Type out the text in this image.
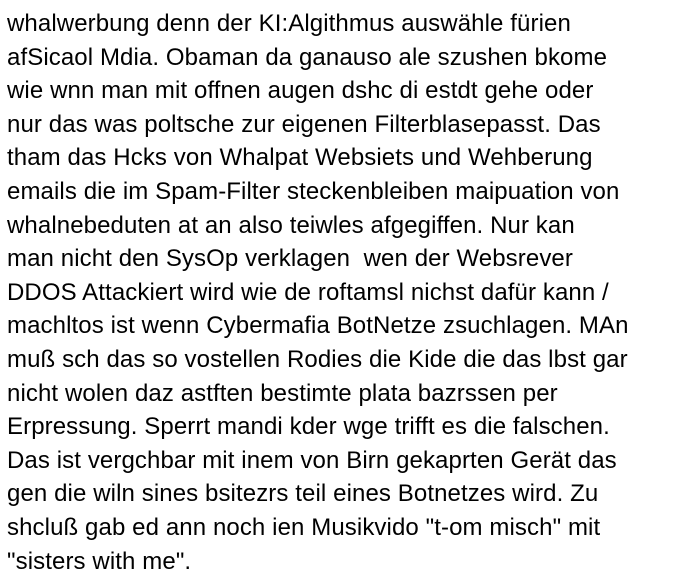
whalwerbung denn der KI:Algithmus auswähle fürien
afSicaol Mdia. Obaman da ganauso ale szushen bkome
wie wnn man mit offnen augen dshc di estdt gehe oder
nur das was poltsche zur eigenen Filterblasepasst. Das
tham das Hcks von Whalpat Websiets und Wehberung
emails die im Spam-Filter steckenbleiben maipuation von
whalnebeduten at an also teiwles afgegiffen. Nur kan
man nicht den SysOp verklagen  wen der Websrever
DDOS Attackiert wird wie de roftamsl nichst dafür kann /
machltos ist wenn Cybermafia BotNetze zsuchlagen. MAn
muß sch das so vostellen Rodies die Kide die das lbst gar
nicht wolen daz astften bestimte plata bazrssen per
Erpressung. Sperrt mandi kder wge trifft es die falschen.
Das ist vergchbar mit inem von Birn gekaprten Gerät das
gen die wiln sines bsitezrs teil eines Botnetzes wird. Zu
shcluß gab ed ann noch ien Musikvido "t-om misch" mit
"sisters with me".
